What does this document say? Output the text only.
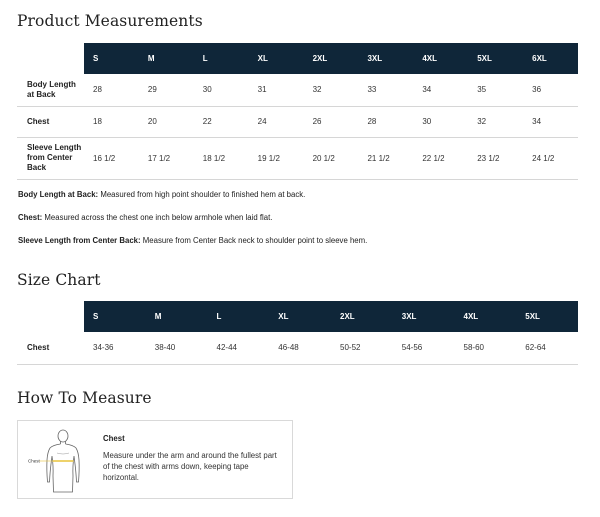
Product Measurements
	S	M	L	XL	2XL	3XL	4XL	5XL	6XL
Body Length at Back	28	29	30	31	32	33	34	35	36
Chest	18	20	22	24	26	28	30	32	34
Sleeve Length from Center Back	16 1/2	17 1/2	18 1/2	19 1/2	20 1/2	21 1/2	22 1/2	23 1/2	24 1/2

Body Length at Back: Measured from high point shoulder to finished hem at back.

Chest: Measured across the chest one inch below armhole when laid flat.

Sleeve Length from Center Back: Measure from Center Back neck to shoulder point to sleeve hem.

Size Chart
	S	M	L	XL	2XL	3XL	4XL	5XL
Chest	34-36	38-40	42-44	46-48	50-52	54-56	58-60	62-64
How To Measure
Chest
Chest
Measure under the arm and around the fullest part of the chest with arms down, keeping tape horizontal.
